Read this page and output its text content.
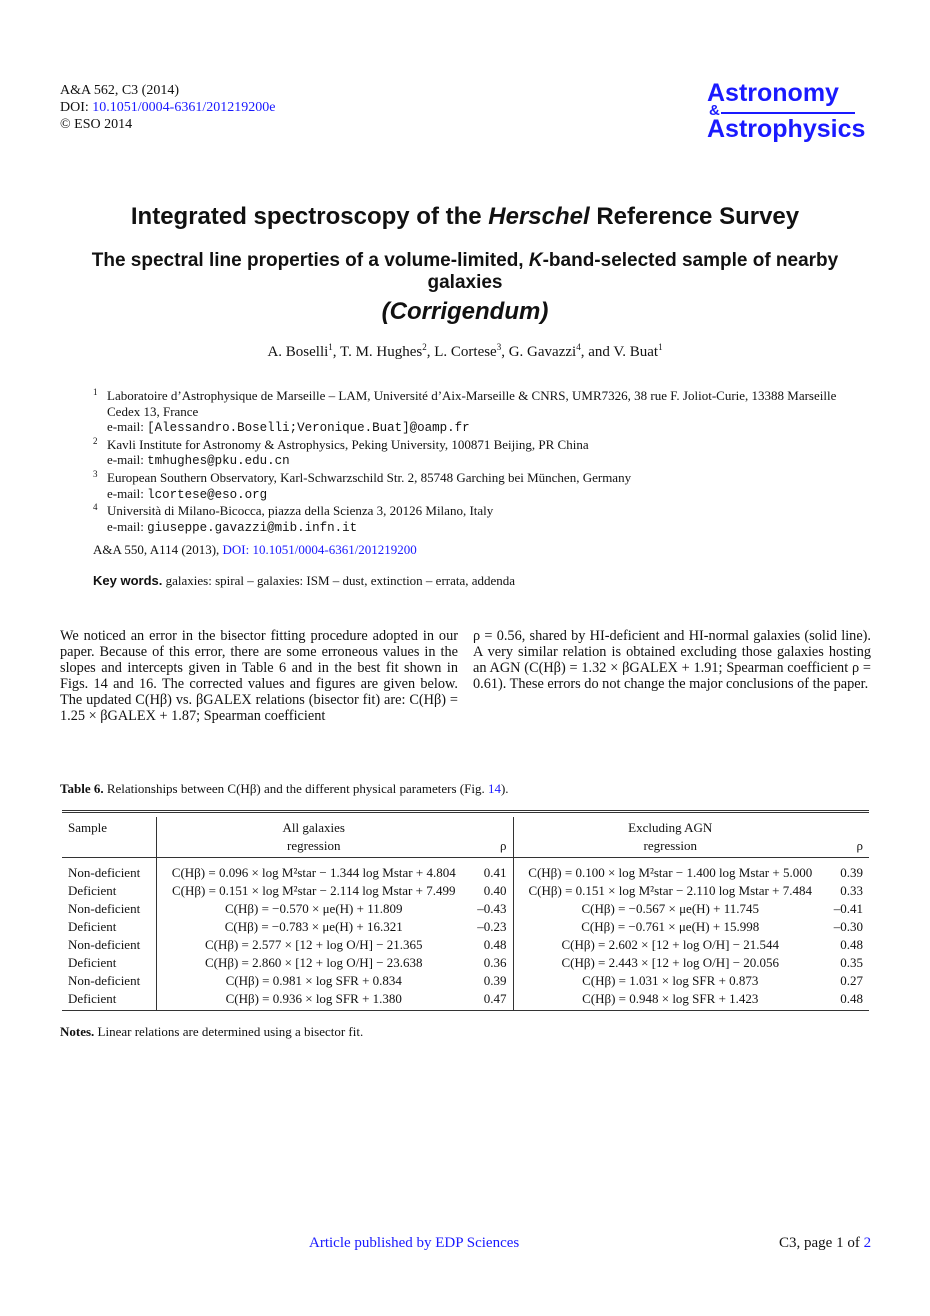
A&A 562, C3 (2014)
DOI: 10.1051/0004-6361/201219200e
© ESO 2014
Astronomy
&
Astrophysics
Integrated spectroscopy of the Herschel Reference Survey
The spectral line properties of a volume-limited, K-band-selected sample of nearby galaxies
(Corrigendum)
A. Boselli$^1$, T. M. Hughes$^2$, L. Cortese$^3$, G. Gavazzi$^4$, and V. Buat$^1$
1 Laboratoire d’Astrophysique de Marseille – LAM, Université d’Aix-Marseille & CNRS, UMR7326, 38 rue F. Joliot-Curie, 13388 Marseille Cedex 13, France
e-mail: [Alessandro.Boselli;Veronique.Buat]@oamp.fr
2 Kavli Institute for Astronomy & Astrophysics, Peking University, 100871 Beijing, PR China
e-mail: tmhughes@pku.edu.cn
3 European Southern Observatory, Karl-Schwarzschild Str. 2, 85748 Garching bei München, Germany
e-mail: lcortese@eso.org
4 Università di Milano-Bicocca, piazza della Scienza 3, 20126 Milano, Italy
e-mail: giuseppe.gavazzi@mib.infn.it
A&A 550, A114 (2013), DOI: 10.1051/0004-6361/201219200
Key words. galaxies: spiral – galaxies: ISM – dust, extinction – errata, addenda
We noticed an error in the bisector fitting procedure adopted in our paper. Because of this error, there are some erroneous values in the slopes and intercepts given in Table 6 and in the best fit shown in Figs. 14 and 16. The corrected values and figures are given below. The updated C(Hβ) vs. βGALEX relations (bisector fit) are: C(Hβ) = 1.25 × βGALEX + 1.87; Spearman coefficient
ρ = 0.56, shared by HI-deficient and HI-normal galaxies (solid line). A very similar relation is obtained excluding those galaxies hosting an AGN (C(Hβ) = 1.32 × βGALEX + 1.91; Spearman coefficient ρ = 0.61). These errors do not change the major conclusions of the paper.
Table 6. Relationships between C(Hβ) and the different physical parameters (Fig. 14).
Sample	All galaxies		Excluding AGN	
	regression	ρ	regression	ρ
Non-deficient	C(Hβ) = 0.096 × log M²star − 1.344 log Mstar + 4.804	0.41	C(Hβ) = 0.100 × log M²star − 1.400 log Mstar + 5.000	0.39
Deficient	C(Hβ) = 0.151 × log M²star − 2.114 log Mstar + 7.499	0.40	C(Hβ) = 0.151 × log M²star − 2.110 log Mstar + 7.484	0.33
Non-deficient	C(Hβ) = −0.570 × μe(H) + 11.809	–0.43	C(Hβ) = −0.567 × μe(H) + 11.745	–0.41
Deficient	C(Hβ) = −0.783 × μe(H) + 16.321	–0.23	C(Hβ) = −0.761 × μe(H) + 15.998	–0.30
Non-deficient	C(Hβ) = 2.577 × [12 + log O/H] − 21.365	0.48	C(Hβ) = 2.602 × [12 + log O/H] − 21.544	0.48
Deficient	C(Hβ) = 2.860 × [12 + log O/H] − 23.638	0.36	C(Hβ) = 2.443 × [12 + log O/H] − 20.056	0.35
Non-deficient	C(Hβ) = 0.981 × log SFR + 0.834	0.39	C(Hβ) = 1.031 × log SFR + 0.873	0.27
Deficient	C(Hβ) = 0.936 × log SFR + 1.380	0.47	C(Hβ) = 0.948 × log SFR + 1.423	0.48
Notes. Linear relations are determined using a bisector fit.
Article published by EDP Sciences	C3, page 1 of 2
